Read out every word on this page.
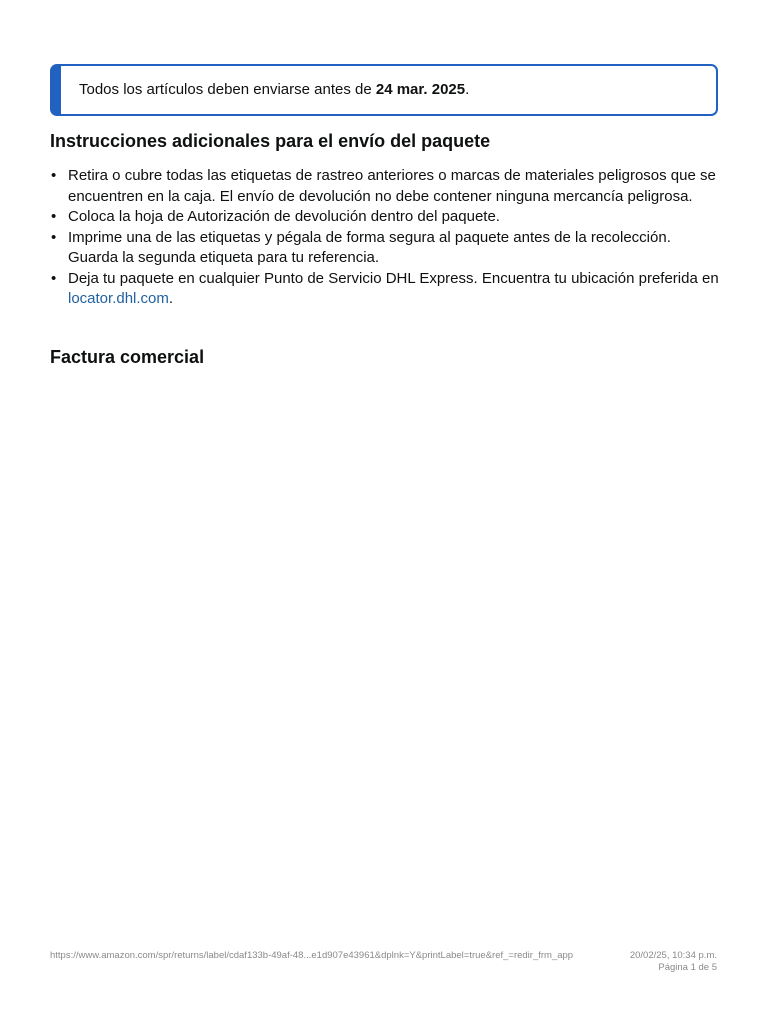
Todos los artículos deben enviarse antes de 24 mar. 2025.
Instrucciones adicionales para el envío del paquete
• Retira o cubre todas las etiquetas de rastreo anteriores o marcas de materiales peligrosos que se encuentren en la caja. El envío de devolución no debe contener ninguna mercancía peligrosa.
• Coloca la hoja de Autorización de devolución dentro del paquete.
• Imprime una de las etiquetas y pégala de forma segura al paquete antes de la recolección. Guarda la segunda etiqueta para tu referencia.
• Deja tu paquete en cualquier Punto de Servicio DHL Express. Encuentra tu ubicación preferida en locator.dhl.com.
Factura comercial
https://www.amazon.com/spr/returns/label/cdaf133b-49af-48...e1d907e43961&dplnk=Y&printLabel=true&ref_=redir_frm_app	20/02/25, 10:34 p.m.
Página 1 de 5
